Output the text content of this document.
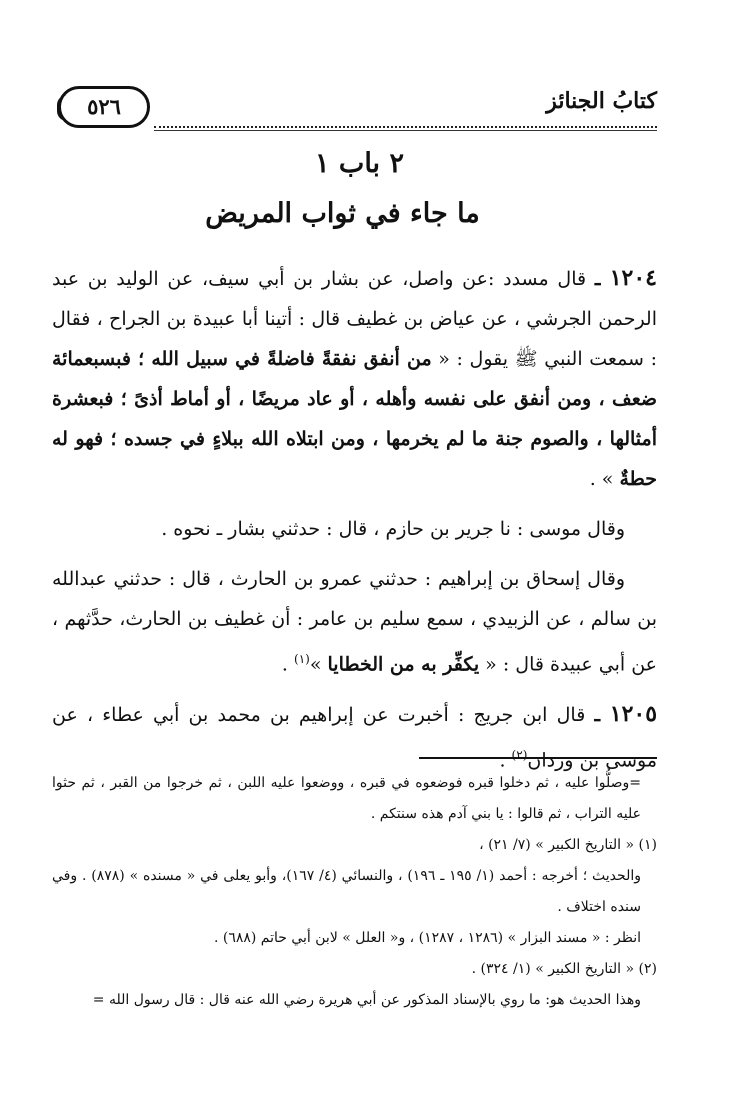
٥٢٦	كتابُ الجنائز
٢ باب ١
ما جاء في ثواب المريض

١٢٠٤ ـ قال مسدد :عن واصل، عن بشار بن أبي سيف، عن الوليد بن عبد الرحمن الجرشي ، عن عياض بن غطيف قال : أتينا أبا عبيدة بن الجراح ، فقال : سمعت النبي ﷺ يقول : « من أنفق نفقةً فاضلةً في سبيل الله ؛ فبسبعمائة ضعف ، ومن أنفق على نفسه وأهله ، أو عاد مريضًا ، أو أماط أذىً ؛ فبعشرة أمثالها ، والصوم جنة ما لم يخرمها ، ومن ابتلاه الله ببلاءٍ في جسده ؛ فهو له حطةٌ » .

وقال موسى : نا جرير بن حازم ، قال : حدثني بشار ـ نحوه .

وقال إسحاق بن إبراهيم : حدثني عمرو بن الحارث ، قال : حدثني عبدالله بن سالم ، عن الزبيدي ، سمع سليم بن عامر : أن غطيف بن الحارث، حدَّثهم ، عن أبي عبيدة قال : « يكفِّر به من الخطايا »$^{(١)}$ .

١٢٠٥ ـ قال ابن جريج : أخبرت عن إبراهيم بن محمد بن أبي عطاء ، عن موسى بن وردان$^{(٢)}$ .

=وصلُّوا عليه ، ثم دخلوا قبره فوضعوه في قبره ، ووضعوا عليه اللبن ، ثم خرجوا من القبر ، ثم حثوا عليه التراب ، ثم قالوا : يا بني آدم هذه سنتكم .

(١) « التاريخ الكبير » (٧/ ٢١) ،

والحديث ؛ أخرجه : أحمد (١/ ١٩٥ ـ ١٩٦) ، والنسائي (٤/ ١٦٧)، وأبو يعلى في « مسنده » (٨٧٨) . وفي سنده اختلاف .

انظر : « مسند البزار » (١٢٨٦ ، ١٢٨٧) ، و« العلل » لابن أبي حاتم (٦٨٨) .

(٢) « التاريخ الكبير » (١/ ٣٢٤) .

وهذا الحديث هو: ما روي بالإسناد المذكور عن أبي هريرة رضي الله عنه قال : قال رسول الله =
